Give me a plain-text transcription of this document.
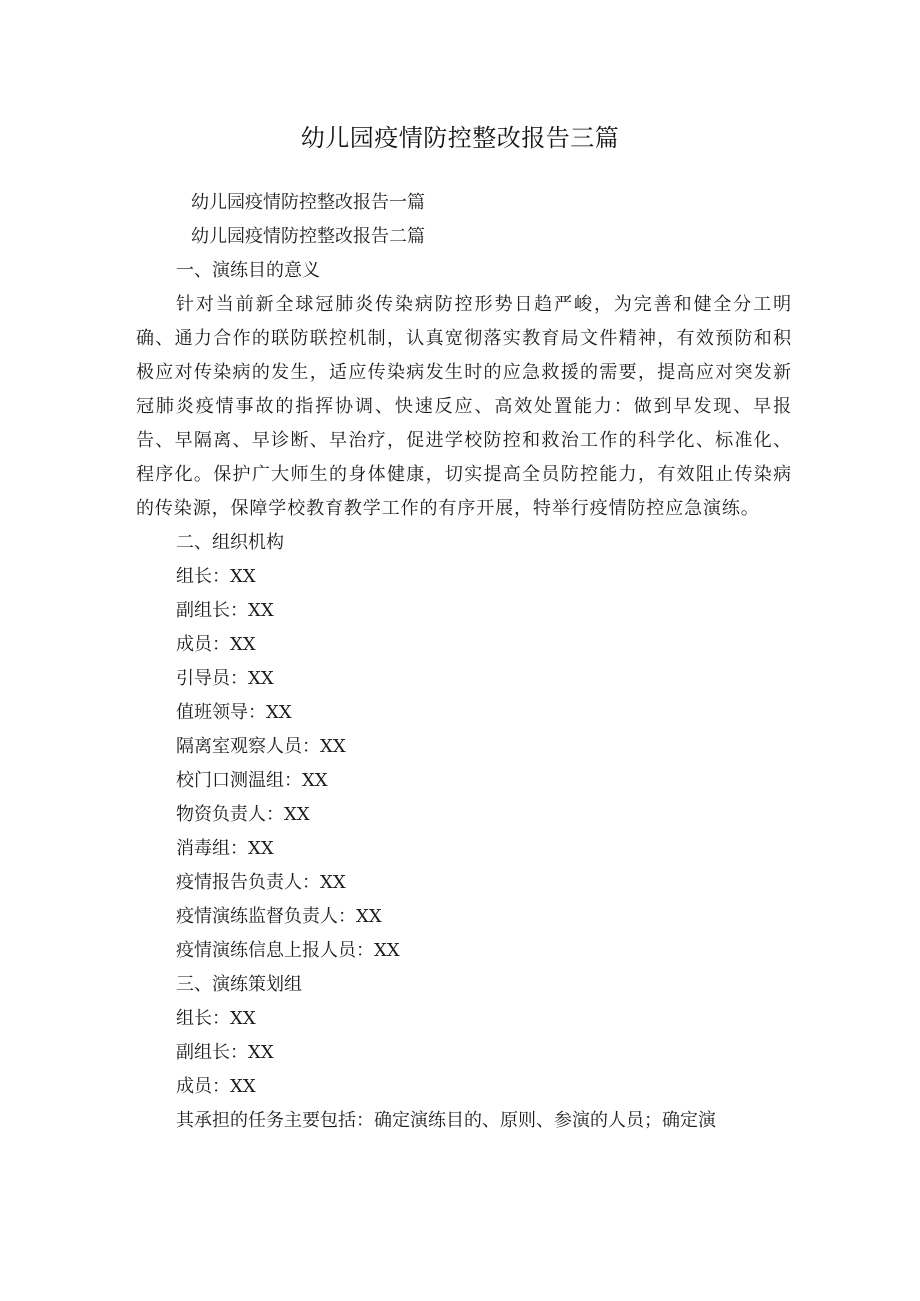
幼儿园疫情防控整改报告三篇
幼儿园疫情防控整改报告一篇
幼儿园疫情防控整改报告二篇
一、演练目的意义
针对当前新全球冠肺炎传染病防控形势日趋严峻，为完善和健全分工明确、通力合作的联防联控机制，认真宽彻落实教育局文件精神，有效预防和积极应对传染病的发生，适应传染病发生时的应急救援的需要，提高应对突发新冠肺炎疫情事故的指挥协调、快速反应、高效处置能力：做到早发现、早报告、早隔离、早诊断、早治疗，促进学校防控和救治工作的科学化、标准化、程序化。保护广大师生的身体健康，切实提高全员防控能力，有效阻止传染病的传染源，保障学校教育教学工作的有序开展，特举行疫情防控应急演练。
二、组织机构
组长：XX
副组长：XX
成员：XX
引导员：XX
值班领导：XX
隔离室观察人员：XX
校门口测温组：XX
物资负责人：XX
消毒组：XX
疫情报告负责人：XX
疫情演练监督负责人：XX
疫情演练信息上报人员：XX
三、演练策划组
组长：XX
副组长：XX
成员：XX
其承担的任务主要包括：确定演练目的、原则、参演的人员；确定演
